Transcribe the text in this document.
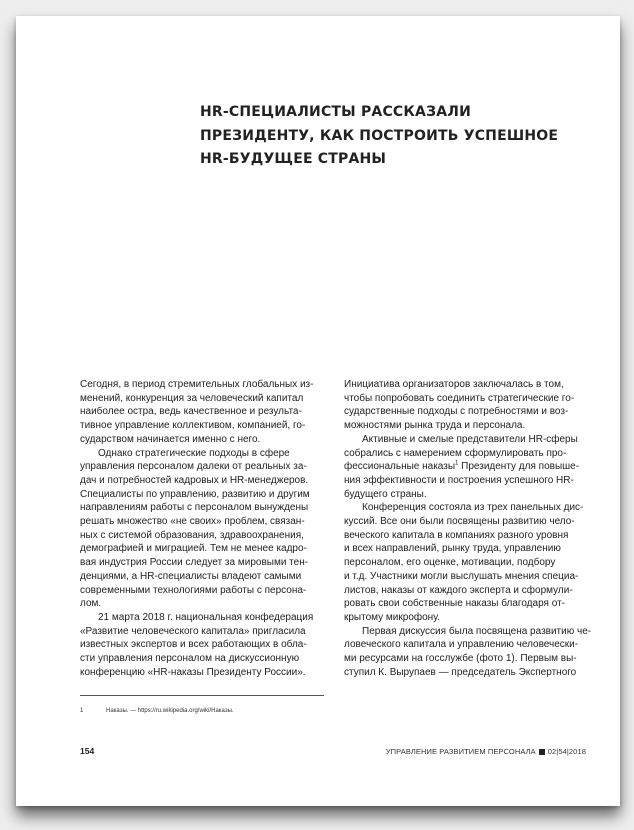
HR-СПЕЦИАЛИСТЫ РАССКАЗАЛИ
ПРЕЗИДЕНТУ, КАК ПОСТРОИТЬ УСПЕШНОЕ
HR-БУДУЩЕЕ СТРАНЫ
Сегодня, в период стремительных глобальных из-
менений, конкуренция за человеческий капитал
наиболее остра, ведь качественное и результа-
тивное управление коллективом, компанией, го-
сударством начинается именно с него.
Однако стратегические подходы в сфере
управления персоналом далеки от реальных за-
дач и потребностей кадровых и HR-менеджеров.
Специалисты по управлению, развитию и другим
направлениям работы с персоналом вынуждены
решать множество «не своих» проблем, связан-
ных с системой образования, здравоохранения,
демографией и миграцией. Тем не менее кадро-
вая индустрия России следует за мировыми тен-
денциями, а HR-специалисты владеют самыми
современными технологиями работы с персона-
лом.
21 марта 2018 г. национальная конфедерация
«Развитие человеческого капитала» пригласила
известных экспертов и всех работающих в обла-
сти управления персоналом на дискуссионную
конференцию «HR-наказы Президенту России».
Инициатива организаторов заключалась в том,
чтобы попробовать соединить стратегические го-
сударственные подходы с потребностями и воз-
можностями рынка труда и персонала.
Активные и смелые представители HR-сферы
собрались с намерением сформулировать про-
фессиональные наказы$^1$ Президенту для повыше-
ния эффективности и построения успешного HR-
будущего страны.
Конференция состояла из трех панельных дис-
куссий. Все они были посвящены развитию чело-
веческого капитала в компаниях разного уровня
и всех направлений, рынку труда, управлению
персоналом, его оценке, мотивации, подбору
и т.д. Участники могли выслушать мнения специа-
листов, наказы от каждого эксперта и сформули-
ровать свои собственные наказы благодаря от-
крытому микрофону.
Первая дискуссия была посвящена развитию че-
ловеческого капитала и управлению человечески-
ми ресурсами на госслужбе (фото 1). Первым вы-
ступил К. Вырупаев — председатель Экспертного
1	Наказы. — https://ru.wikipedia.org/wiki/Наказы.
154	УПРАВЛЕНИЕ РАЗВИТИЕМ ПЕРСОНАЛА 02|54|2018
